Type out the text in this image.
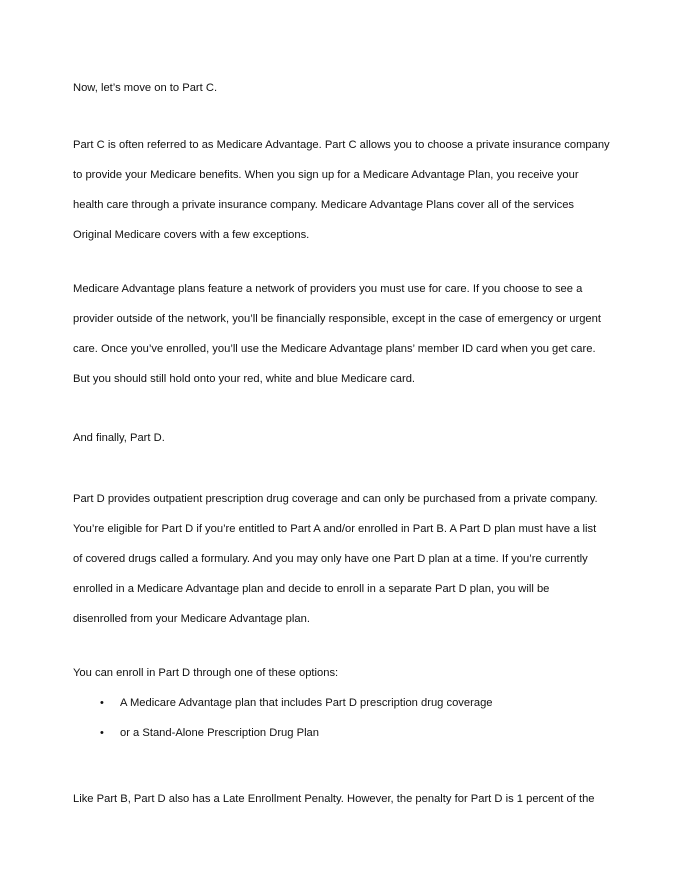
Now, let’s move on to Part C.
Part C is often referred to as Medicare Advantage. Part C allows you to choose a private insurance company
to provide your Medicare benefits. When you sign up for a Medicare Advantage Plan, you receive your
health care through a private insurance company. Medicare Advantage Plans cover all of the services
Original Medicare covers with a few exceptions.
Medicare Advantage plans feature a network of providers you must use for care. If you choose to see a
provider outside of the network, you’ll be financially responsible, except in the case of emergency or urgent
care. Once you’ve enrolled, you’ll use the Medicare Advantage plans’ member ID card when you get care.
But you should still hold onto your red, white and blue Medicare card.
And finally, Part D.
Part D provides outpatient prescription drug coverage and can only be purchased from a private company.
You’re eligible for Part D if you’re entitled to Part A and/or enrolled in Part B. A Part D plan must have a list
of covered drugs called a formulary. And you may only have one Part D plan at a time. If you’re currently
enrolled in a Medicare Advantage plan and decide to enroll in a separate Part D plan, you will be
disenrolled from your Medicare Advantage plan.
You can enroll in Part D through one of these options:
• A Medicare Advantage plan that includes Part D prescription drug coverage
• or a Stand-Alone Prescription Drug Plan
Like Part B, Part D also has a Late Enrollment Penalty. However, the penalty for Part D is 1 percent of the
